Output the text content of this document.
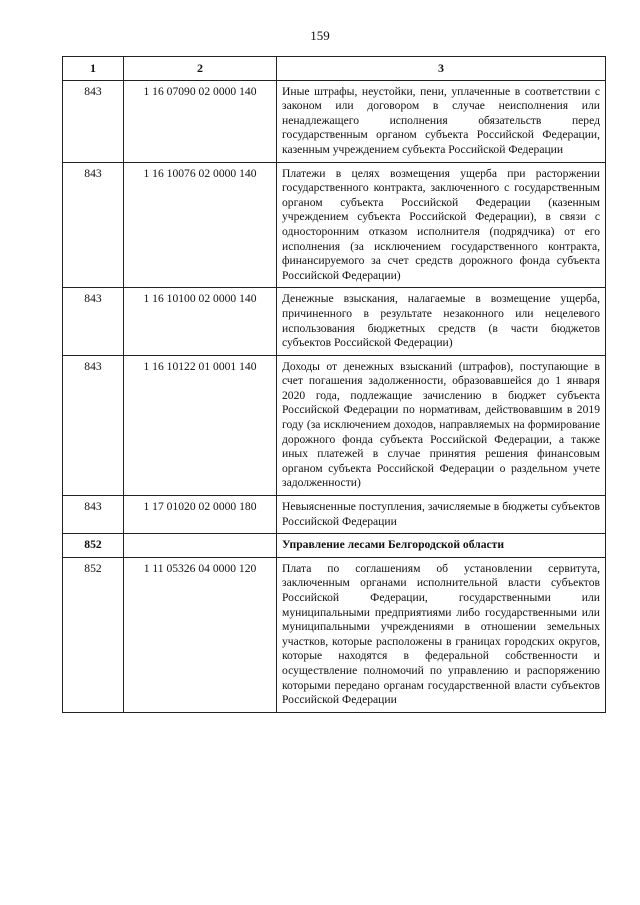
159
1	2	3
843	1 16 07090 02 0000 140	Иные штрафы, неустойки, пени, уплаченные в соответствии с законом или договором в случае неисполнения или ненадлежащего исполнения обязательств перед государственным органом субъекта Российской Федерации, казенным учреждением субъекта Российской Федерации
843	1 16 10076 02 0000 140	Платежи в целях возмещения ущерба при расторжении государственного контракта, заключенного с государственным органом субъекта Российской Федерации (казенным учреждением субъекта Российской Федерации), в связи с односторонним отказом исполнителя (подрядчика) от его исполнения (за исключением государственного контракта, финансируемого за счет средств дорожного фонда субъекта Российской Федерации)
843	1 16 10100 02 0000 140	Денежные взыскания, налагаемые в возмещение ущерба, причиненного в результате незаконного или нецелевого использования бюджетных средств (в части бюджетов субъектов Российской Федерации)
843	1 16 10122 01 0001 140	Доходы от денежных взысканий (штрафов), поступающие в счет погашения задолженности, образовавшейся до 1 января 2020 года, подлежащие зачислению в бюджет субъекта Российской Федерации по нормативам, действовавшим в 2019 году (за исключением доходов, направляемых на формирование дорожного фонда субъекта Российской Федерации, а также иных платежей в случае принятия решения финансовым органом субъекта Российской Федерации о раздельном учете задолженности)
843	1 17 01020 02 0000 180	Невыясненные поступления, зачисляемые в бюджеты субъектов Российской Федерации
852		Управление лесами Белгородской области
852	1 11 05326 04 0000 120	Плата по соглашениям об установлении сервитута, заключенным органами исполнительной власти субъектов Российской Федерации, государственными или муниципальными предприятиями либо государственными или муниципальными учреждениями в отношении земельных участков, которые расположены в границах городских округов, которые находятся в федеральной собственности и осуществление полномочий по управлению и распоряжению которыми передано органам государственной власти субъектов Российской Федерации
